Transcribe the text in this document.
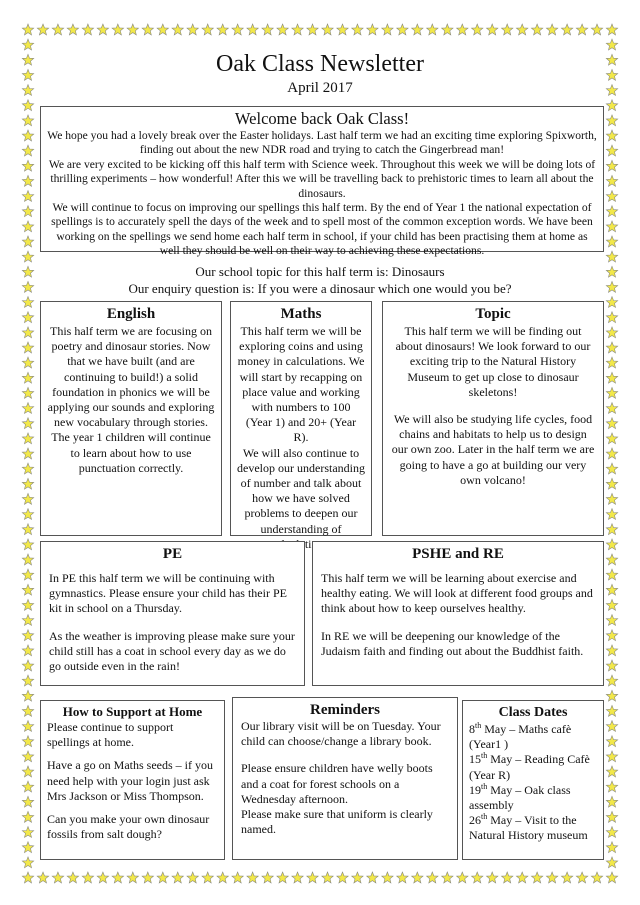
Oak Class Newsletter
April 2017
Welcome back Oak Class!

We hope you had a lovely break over the Easter holidays. Last half term we had an exciting time exploring Spixworth, finding out about the new NDR road and trying to catch the Gingerbread man!

We are very excited to be kicking off this half term with Science week. Throughout this week we will be doing lots of thrilling experiments – how wonderful! After this we will be travelling back to prehistoric times to learn all about the dinosaurs.

We will continue to focus on improving our spellings this half term. By the end of Year 1 the national expectation of spellings is to accurately spell the days of the week and to spell most of the common exception words. We have been working on the spellings we send home each half term in school, if your child has been practising them at home as well they should be well on their way to achieving these expectations.

Our school topic for this half term is: Dinosaurs
Our enquiry question is: If you were a dinosaur which one would you be?
English

This half term we are focusing on poetry and dinosaur stories. Now that we have built (and are continuing to build!) a solid foundation in phonics we will be applying our sounds and exploring new vocabulary through stories. The year 1 children will continue to learn about how to use punctuation correctly.

Maths

This half term we will be exploring coins and using money in calculations. We will start by recapping on place value and working with numbers to 100 (Year 1) and 20+ (Year R).

We will also continue to develop our understanding of number and talk about how we have solved problems to deepen our understanding of

Topic

This half term we will be finding out about dinosaurs! We look forward to our exciting trip to the Natural History Museum to get up close to dinosaur skeletons!

We will also be studying life cycles, food chains and habitats to help us to design our own zoo. Later in the half term we are going to have a go at building our very own volcano!

PE

In PE this half term we will be continuing with gymnastics. Please ensure your child has their PE kit in school on a Thursday.

As the weather is improving please make sure your child still has a coat in school every day as we do go outside even in the rain!

PSHE and RE

This half term we will be learning about exercise and healthy eating. We will look at different food groups and think about how to keep ourselves healthy.

In RE we will be deepening our knowledge of the Judaism faith and finding out about the Buddhist faith.

How to Support at Home

Please continue to support spellings at home.

Have a go on Maths seeds – if you need help with your login just ask Mrs Jackson or Miss Thompson.

Can you make your own dinosaur fossils from salt dough?

Reminders

Our library visit will be on Tuesday. Your child can choose/change a library book.

Please ensure children have welly boots and a coat for forest schools on a Wednesday afternoon.

Please make sure that uniform is clearly named.

Class Dates

8th May – Maths cafè (Year1 )

15th May – Reading Cafè (Year R)

19th May – Oak class assembly

26th May – Visit to the Natural History museum
